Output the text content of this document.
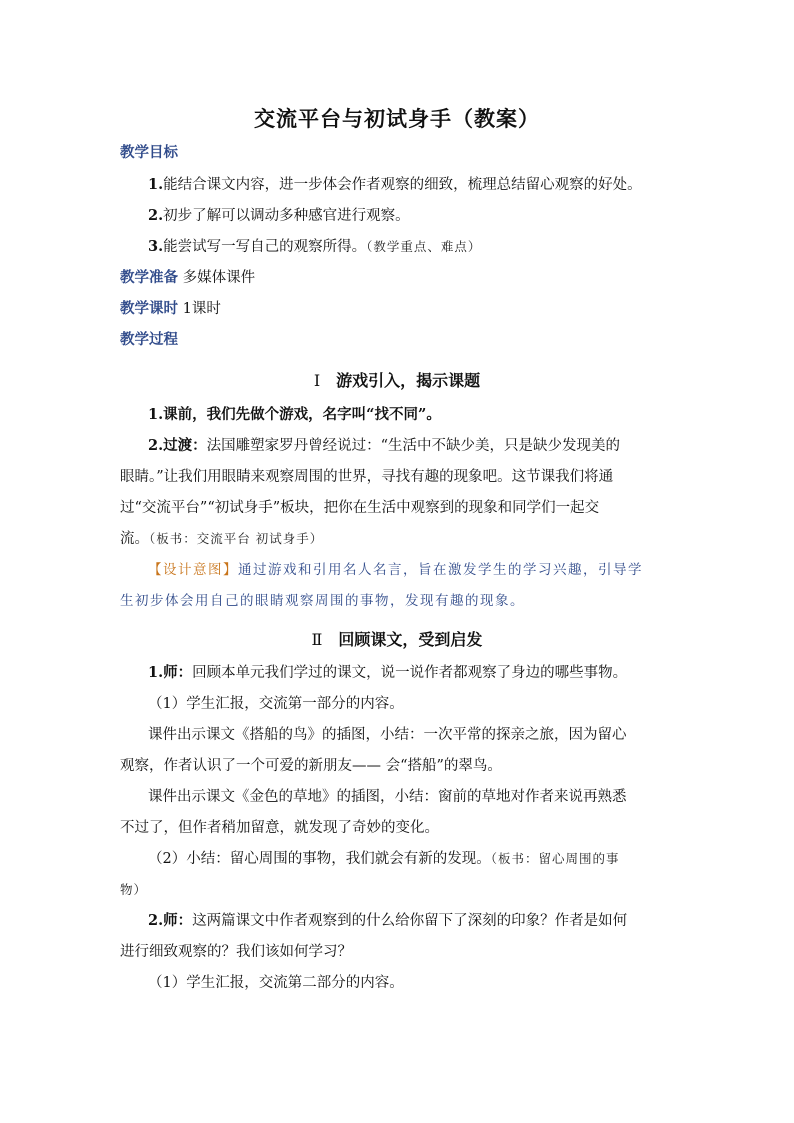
交流平台与初试身手（教案）
教学目标
1.能结合课文内容，进一步体会作者观察的细致，梳理总结留心观察的好处。
2.初步了解可以调动多种感官进行观察。
3.能尝试写一写自己的观察所得。（教学重点、难点）
教学准备 多媒体课件
教学课时 1课时
教学过程
Ⅰ 游戏引入，揭示课题
1.课前，我们先做个游戏，名字叫“找不同”。
2.过渡：法国雕塑家罗丹曾经说过：“生活中不缺少美，只是缺少发现美的
眼睛。”让我们用眼睛来观察周围的世界，寻找有趣的现象吧。这节课我们将通
过“交流平台”“初试身手”板块，把你在生活中观察到的现象和同学们一起交
流。（板书：交流平台 初试身手）
【设计意图】通过游戏和引用名人名言，旨在激发学生的学习兴趣，引导学
生初步体会用自己的眼睛观察周围的事物，发现有趣的现象。
Ⅱ 回顾课文，受到启发
1.师：回顾本单元我们学过的课文，说一说作者都观察了身边的哪些事物。
（1）学生汇报，交流第一部分的内容。
课件出示课文《搭船的鸟》的插图，小结：一次平常的探亲之旅，因为留心
观察，作者认识了一个可爱的新朋友—— 会“搭船”的翠鸟。
课件出示课文《金色的草地》的插图，小结：窗前的草地对作者来说再熟悉
不过了，但作者稍加留意，就发现了奇妙的变化。
（2）小结：留心周围的事物，我们就会有新的发现。（板书：留心周围的事
物）
2.师：这两篇课文中作者观察到的什么给你留下了深刻的印象？作者是如何
进行细致观察的？我们该如何学习？
（1）学生汇报，交流第二部分的内容。
